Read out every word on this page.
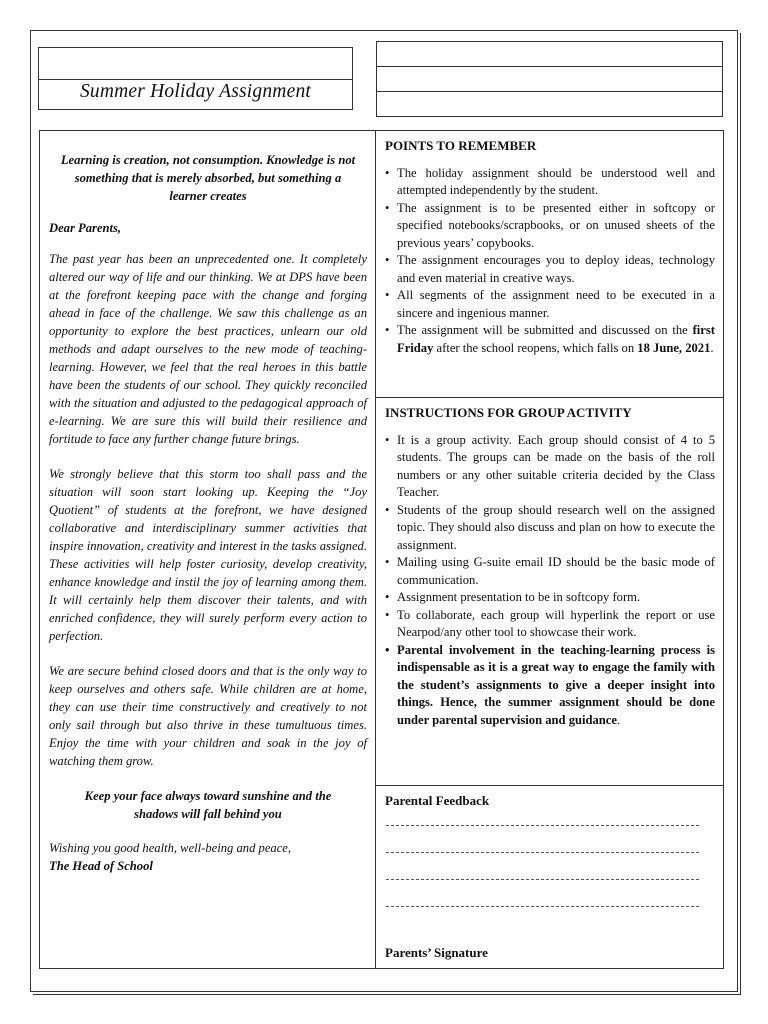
Summer Holiday Assignment

Learning is creation, not consumption. Knowledge is not something that is merely absorbed, but something a learner creates

Dear Parents,

The past year has been an unprecedented one. It completely altered our way of life and our thinking. We at DPS have been at the forefront keeping pace with the change and forging ahead in face of the challenge. We saw this challenge as an opportunity to explore the best practices, unlearn our old methods and adapt ourselves to the new mode of teaching-learning. However, we feel that the real heroes in this battle have been the students of our school. They quickly reconciled with the situation and adjusted to the pedagogical approach of e-learning. We are sure this will build their resilience and fortitude to face any further change future brings.

We strongly believe that this storm too shall pass and the situation will soon start looking up. Keeping the “Joy Quotient” of students at the forefront, we have designed collaborative and interdisciplinary summer activities that inspire innovation, creativity and interest in the tasks assigned. These activities will help foster curiosity, develop creativity, enhance knowledge and instil the joy of learning among them. It will certainly help them discover their talents, and with enriched confidence, they will surely perform every action to perfection.

We are secure behind closed doors and that is the only way to keep ourselves and others safe. While children are at home, they can use their time constructively and creatively to not only sail through but also thrive in these tumultuous times. Enjoy the time with your children and soak in the joy of watching them grow.

Keep your face always toward sunshine and the shadows will fall behind you

Wishing you good health, well-being and peace,

The Head of School

POINTS TO REMEMBER
• The holiday assignment should be understood well and attempted independently by the student.
• The assignment is to be presented either in softcopy or specified notebooks/scrapbooks, or on unused sheets of the previous years’ copybooks.
• The assignment encourages you to deploy ideas, technology and even material in creative ways.
• All segments of the assignment need to be executed in a sincere and ingenious manner.
• The assignment will be submitted and discussed on the first Friday after the school reopens, which falls on 18 June, 2021.
INSTRUCTIONS FOR GROUP ACTIVITY
• It is a group activity. Each group should consist of 4 to 5 students. The groups can be made on the basis of the roll numbers or any other suitable criteria decided by the Class Teacher.
• Students of the group should research well on the assigned topic. They should also discuss and plan on how to execute the assignment.
• Mailing using G-suite email ID should be the basic mode of communication.
• Assignment presentation to be in softcopy form.
• To collaborate, each group will hyperlink the report or use Nearpod/any other tool to showcase their work.
• Parental involvement in the teaching-learning process is indispensable as it is a great way to engage the family with the student’s assignments to give a deeper insight into things. Hence, the summer assignment should be done under parental supervision and guidance.
Parental Feedback
Parents’ Signature
